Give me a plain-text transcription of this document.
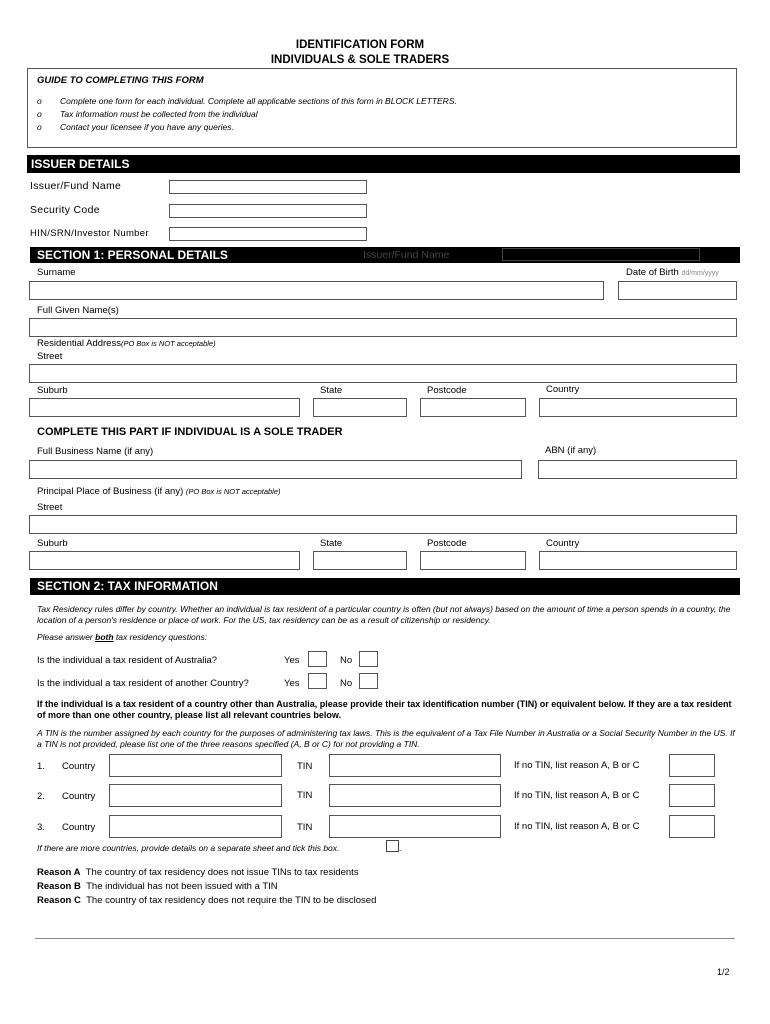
IDENTIFICATION FORM
INDIVIDUALS & SOLE TRADERS
GUIDE TO COMPLETING THIS FORM
o Complete one form for each individual. Complete all applicable sections of this form in BLOCK LETTERS.
o Tax information must be collected from the individual
o Contact your licensee if you have any queries.
ISSUER DETAILS
Issuer/Fund Name
Security Code
HIN/SRN/Investor Number
SECTION 1: PERSONAL DETAILS	Issuer/Fund Name
Surname	Date of Birth dd/mm/yyyy
Full Given Name(s)
Residential Address(PO Box is NOT acceptable)
Street
Suburb	State	Postcode	Country
COMPLETE THIS PART IF INDIVIDUAL IS A SOLE TRADER
Full Business Name (if any)	ABN (if any)
Principal Place of Business (if any) (PO Box is NOT acceptable)
Street
Suburb	State	Postcode	Country
SECTION 2: TAX INFORMATION
Tax Residency rules differ by country. Whether an individual is tax resident of a particular country is often (but not always) based on the amount of time a person spends in a country, the location of a person's residence or place of work. For the US, tax residency can be as a result of citizenship or residency.
Please answer both tax residency questions:
Is the individual a tax resident of Australia?	Yes	No
Is the individual a tax resident of another Country?	Yes	No
If the individual is a tax resident of a country other than Australia, please provide their tax identification number (TIN) or equivalent below. If they are a tax resident of more than one other country, please list all relevant countries below.
A TIN is the number assigned by each country for the purposes of administering tax laws. This is the equivalent of a Tax File Number in Australia or a Social Security Number in the US. If a TIN is not provided, please list one of the three reasons specified (A, B or C) for not providing a TIN.
1. Country	TIN	If no TIN, list reason A, B or C
2. Country	TIN	If no TIN, list reason A, B or C
3. Country	TIN	If no TIN, list reason A, B or C
If there are more countries, provide details on a separate sheet and tick this box.	.
Reason A The country of tax residency does not issue TINs to tax residents
Reason B The individual has not been issued with a TIN
Reason C The country of tax residency does not require the TIN to be disclosed
1/2
